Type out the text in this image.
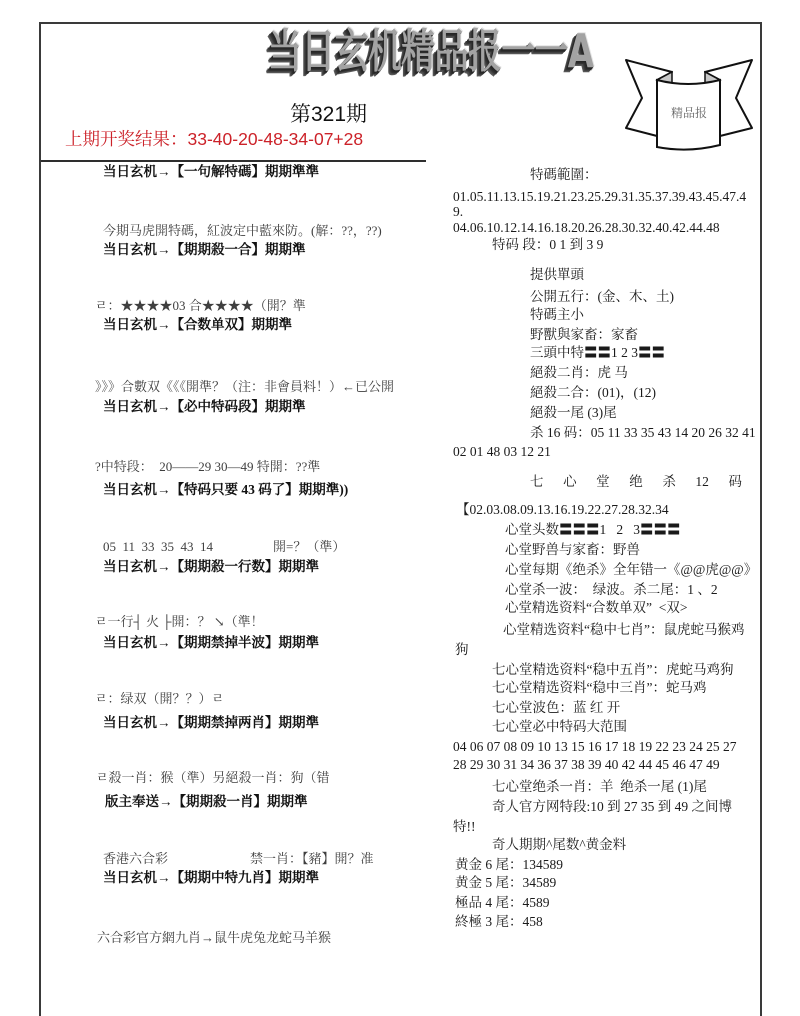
当日玄机精品报一一A
精品报
第321期
上期开奖结果：33-40-20-48-34-07+28
当日玄机→【一句解特碼】期期準準
今期马虎開特碼，紅波定中藍來防。(解：??，??)
当日玄机→【期期殺一合】期期準
ㄹ：★★★★03 合★★★★（開？準
当日玄机→【合数单双】期期準
》》》合數双《《《開準？（注：非會員料！）←已公開
当日玄机→【必中特码段】期期準
?中特段：  20——29 30—49 特開：??準
当日玄机→【特码只要 43 码了】期期準))
05  11  33  35  43  14	開=？（準）
当日玄机→【期期殺一行数】期期準
ㄹ一行┤ 火 ├開：？ ↘（準！
当日玄机→【期期禁掉半波】期期準
ㄹ：绿双（開？？）ㄹ
当日玄机→【期期禁掉两肖】期期準
ㄹ殺一肖：猴（準）另絕殺一肖：狗（错
版主奉送→【期期殺一肖】期期準
香港六合彩	禁一肖：【豬】開？准
当日玄机→【期期中特九肖】期期準
六合彩官方網九肖→鼠牛虎兔龙蛇马羊猴
特碼範圍：
01.05.11.13.15.19.21.23.25.29.31.35.37.39.43.45.47.4
9.
04.06.10.12.14.16.18.20.26.28.30.32.40.42.44.48
特码 段：0 1 到 3 9
提供單頭
公開五行：(金、木、土)
特碼主小
野獸與家畜：家畜
三頭中特〓〓1 2 3〓〓
絕殺二肖：虎 马
絕殺二合：(01)，(12)
絕殺一尾 (3)尾
杀 16 码：05 11 33 35 43 14 20 26 32 41
02 01 48 03 12 21
七 心 堂 绝 杀 12 码
【02.03.08.09.13.16.19.22.27.28.32.34
心堂头数〓〓〓1   2   3〓〓〓
心堂野兽与家畜：野兽
心堂每期《绝杀》全年错一《@@虎@@》
心堂杀一波：  绿波。杀二尾：1 、2
心堂精选资料“合数单双”  <双>
心堂精选资料“稳中七肖”：鼠虎蛇马猴鸡
狗
七心堂精选资料“稳中五肖”：虎蛇马鸡狗
七心堂精选资料“稳中三肖”：蛇马鸡
七心堂波色：蓝 红 开
七心堂必中特码大范围
04 06 07 08 09 10 13 15 16 17 18 19 22 23 24 25 27
28 29 30 31 34 36 37 38 39 40 42 44 45 46 47 49
七心堂绝杀一肖：羊  绝杀一尾 (1)尾
奇人官方网特段:10 到 27 35 到 49 之间博
特!!
奇人期期^尾数^黄金料
黄金 6 尾：134589
黄金 5 尾：34589
極品 4 尾：4589
終極 3 尾：458
